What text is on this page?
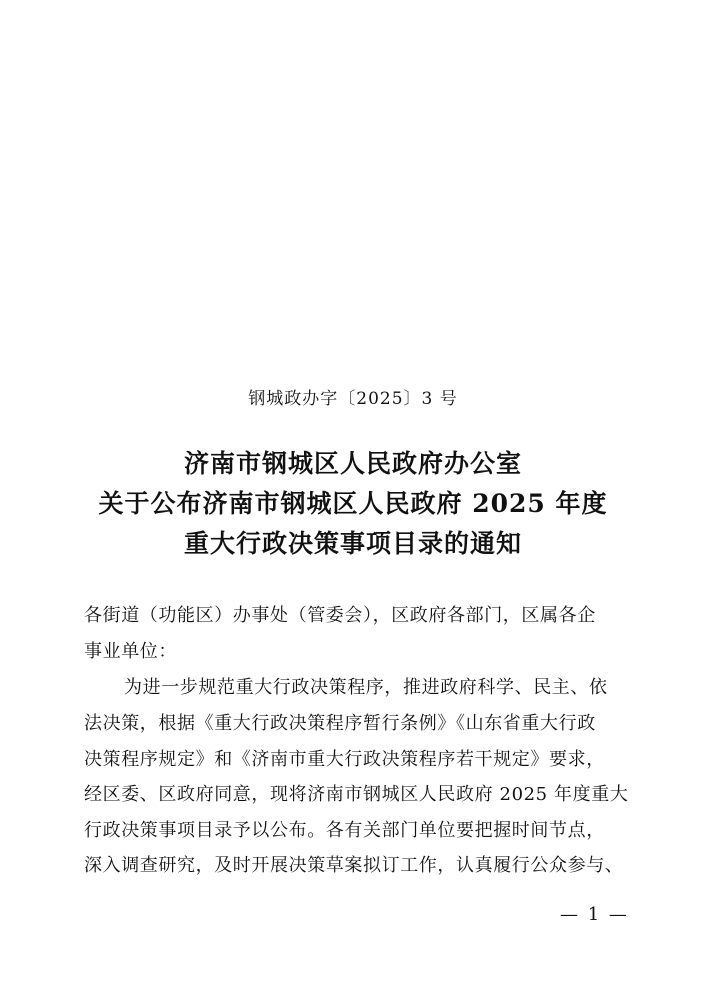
钢城政办字〔2025〕3 号
济南市钢城区人民政府办公室
关于公布济南市钢城区人民政府 2025 年度
重大行政决策事项目录的通知
各街道（功能区）办事处（管委会），区政府各部门，区属各企
事业单位：
为进一步规范重大行政决策程序，推进政府科学、民主、依
法决策，根据《重大行政决策程序暂行条例》《山东省重大行政
决策程序规定》和《济南市重大行政决策程序若干规定》要求，
经区委、区政府同意，现将济南市钢城区人民政府 2025 年度重大
行政决策事项目录予以公布。各有关部门单位要把握时间节点，
深入调查研究，及时开展决策草案拟订工作，认真履行公众参与、
— 1 —
